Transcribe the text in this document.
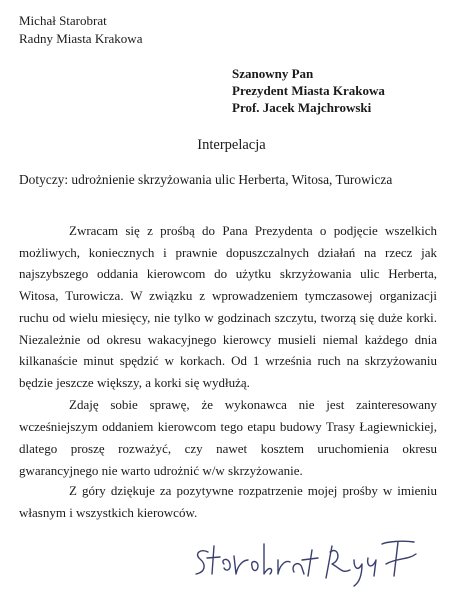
Michał Starobrat
Radny Miasta Krakowa
Szanowny Pan
Prezydent Miasta Krakowa
Prof. Jacek Majchrowski
Interpelacja
Dotyczy: udrożnienie skrzyżowania ulic Herberta, Witosa, Turowicza

Zwracam się z prośbą do Pana Prezydenta o podjęcie wszelkich możliwych, koniecznych i prawnie dopuszczalnych działań na rzecz jak najszybszego oddania kierowcom do użytku skrzyżowania ulic Herberta, Witosa, Turowicza. W związku z wprowadzeniem tymczasowej organizacji ruchu od wielu miesięcy, nie tylko w godzinach szczytu, tworzą się duże korki. Niezależnie od okresu wakacyjnego kierowcy musieli niemal każdego dnia kilkanaście minut spędzić w korkach. Od 1 września ruch na skrzyżowaniu będzie jeszcze większy, a korki się wydłużą.

Zdaję sobie sprawę, że wykonawca nie jest zainteresowany wcześniejszym oddaniem kierowcom tego etapu budowy Trasy Łagiewnickiej, dlatego proszę rozważyć, czy nawet kosztem uruchomienia okresu gwarancyjnego nie warto udrożnić w/w skrzyżowanie.

Z góry dziękuje za pozytywne rozpatrzenie mojej prośby w imieniu własnym i wszystkich kierowców.
